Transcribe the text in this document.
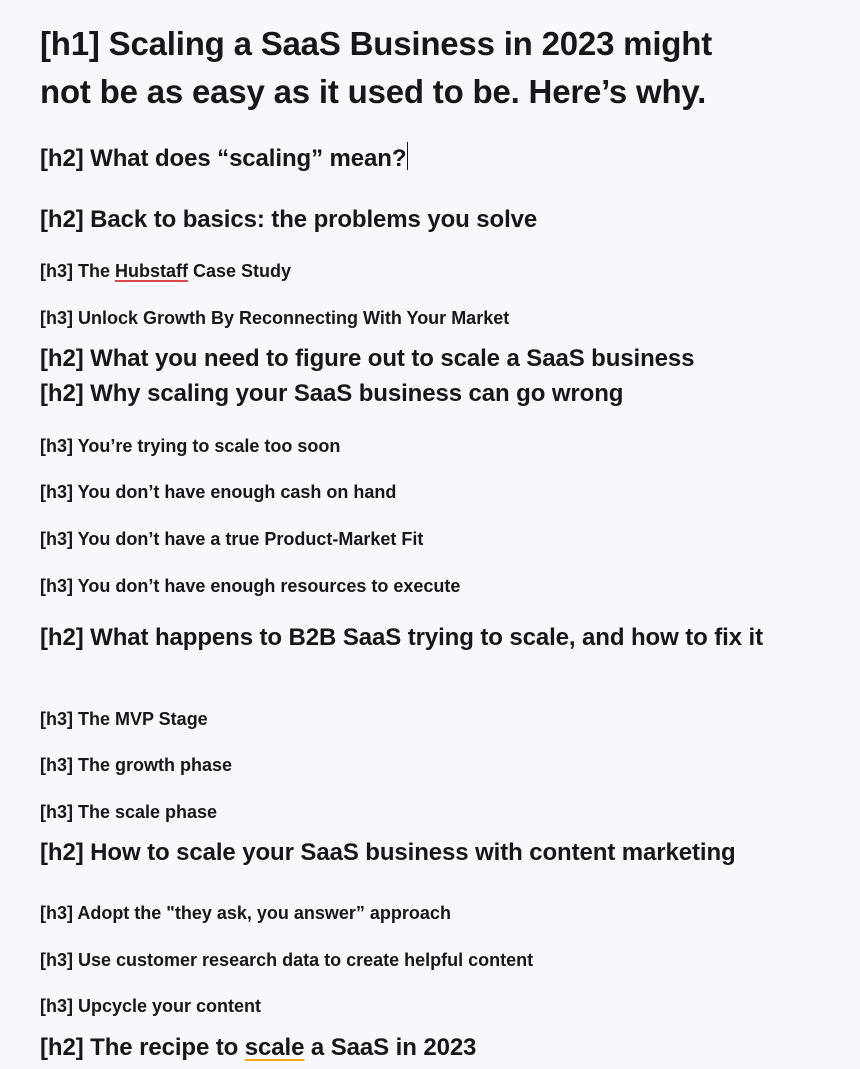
[h1] Scaling a SaaS Business in 2023 might
not be as easy as it used to be. Here’s why.
[h2] What does “scaling” mean?
[h2] Back to basics: the problems you solve
[h3] The Hubstaff Case Study
[h3] Unlock Growth By Reconnecting With Your Market
[h2] What you need to figure out to scale a SaaS business
[h2] Why scaling your SaaS business can go wrong
[h3] You’re trying to scale too soon
[h3] You don’t have enough cash on hand
[h3] You don’t have a true Product-Market Fit
[h3] You don’t have enough resources to execute
[h2] What happens to B2B SaaS trying to scale, and how to fix it
[h3] The MVP Stage
[h3] The growth phase
[h3] The scale phase
[h2] How to scale your SaaS business with content marketing
[h3] Adopt the "they ask, you answer” approach
[h3] Use customer research data to create helpful content
[h3] Upcycle your content
[h2] The recipe to scale a SaaS in 2023
